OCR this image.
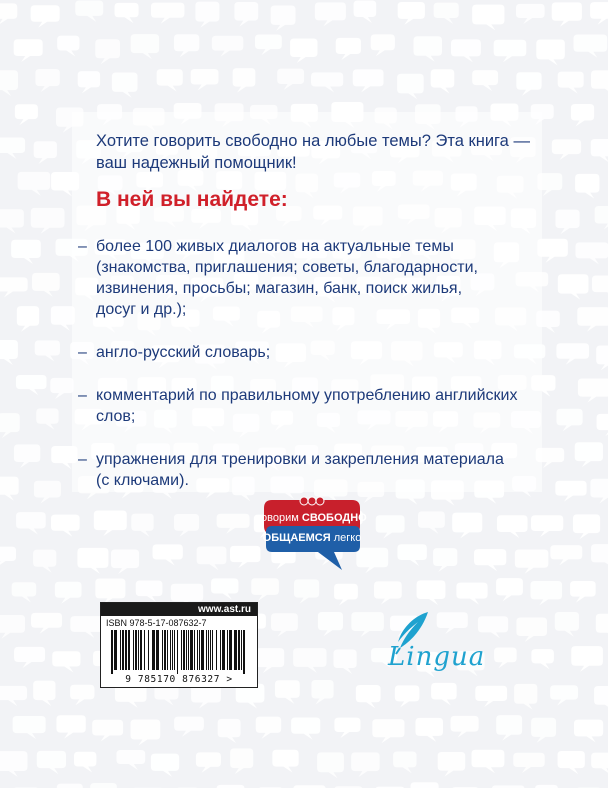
Хотите говорить свободно на любые темы? Эта книга —
ваш надежный помощник!
В ней вы найдете:
– более 100 живых диалогов на актуальные темы
(знакомства, приглашения; советы, благодарности,
извинения, просьбы; магазин, банк, поиск жилья,
досуг и др.);
– англо-русский словарь;
– комментарий по правильному употреблению английских
слов;
– упражнения для тренировки и закрепления материала
(с ключами).
говорим СВОБОДНО
ОБЩАЕМСЯ легко
www.ast.ru
ISBN 978-5-17-087632-7
9 785170 876327 >
Lingua
